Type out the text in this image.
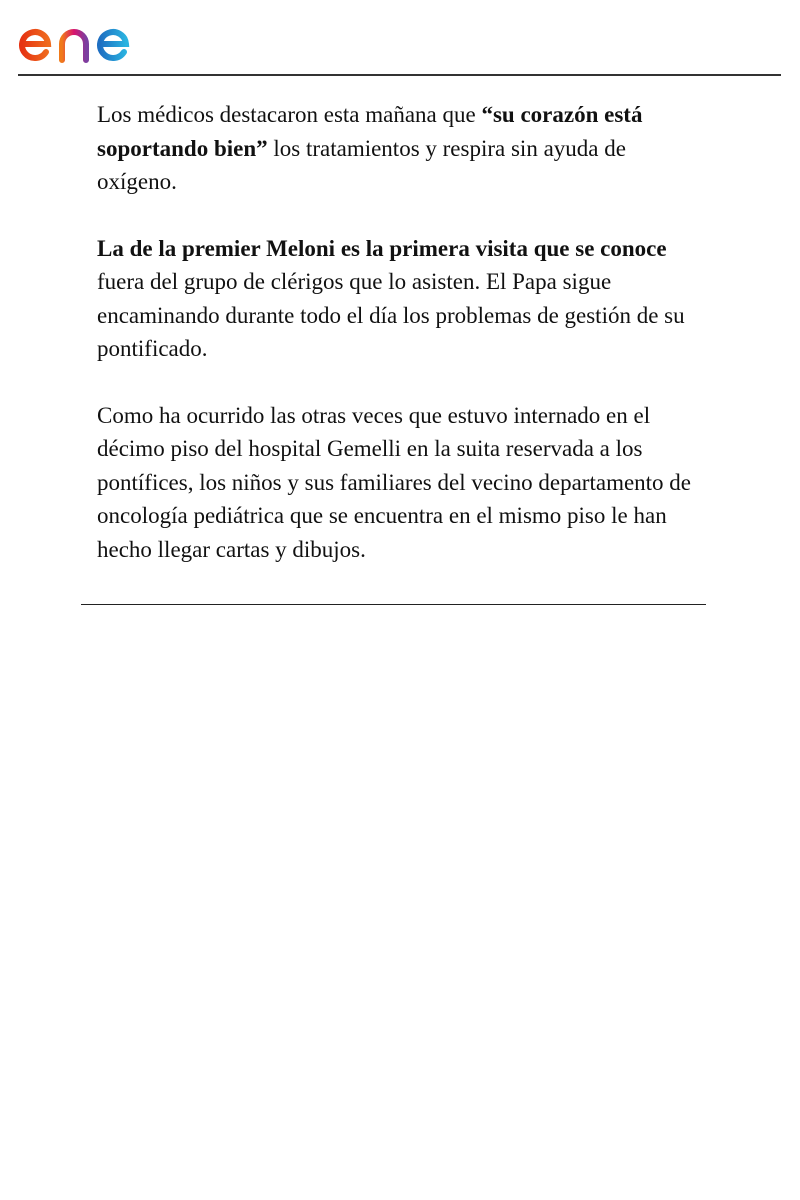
Los médicos destacaron esta mañana que “su corazón está soportando bien” los tratamientos y respira sin ayuda de oxígeno.

La de la premier Meloni es la primera visita que se conoce fuera del grupo de clérigos que lo asisten. El Papa sigue encaminando durante todo el día los problemas de gestión de su pontificado.

Como ha ocurrido las otras veces que estuvo internado en el décimo piso del hospital Gemelli en la suita reservada a los pontífices, los niños y sus familiares del vecino departamento de oncología pediátrica que se encuentra en el mismo piso le han hecho llegar cartas y dibujos.
